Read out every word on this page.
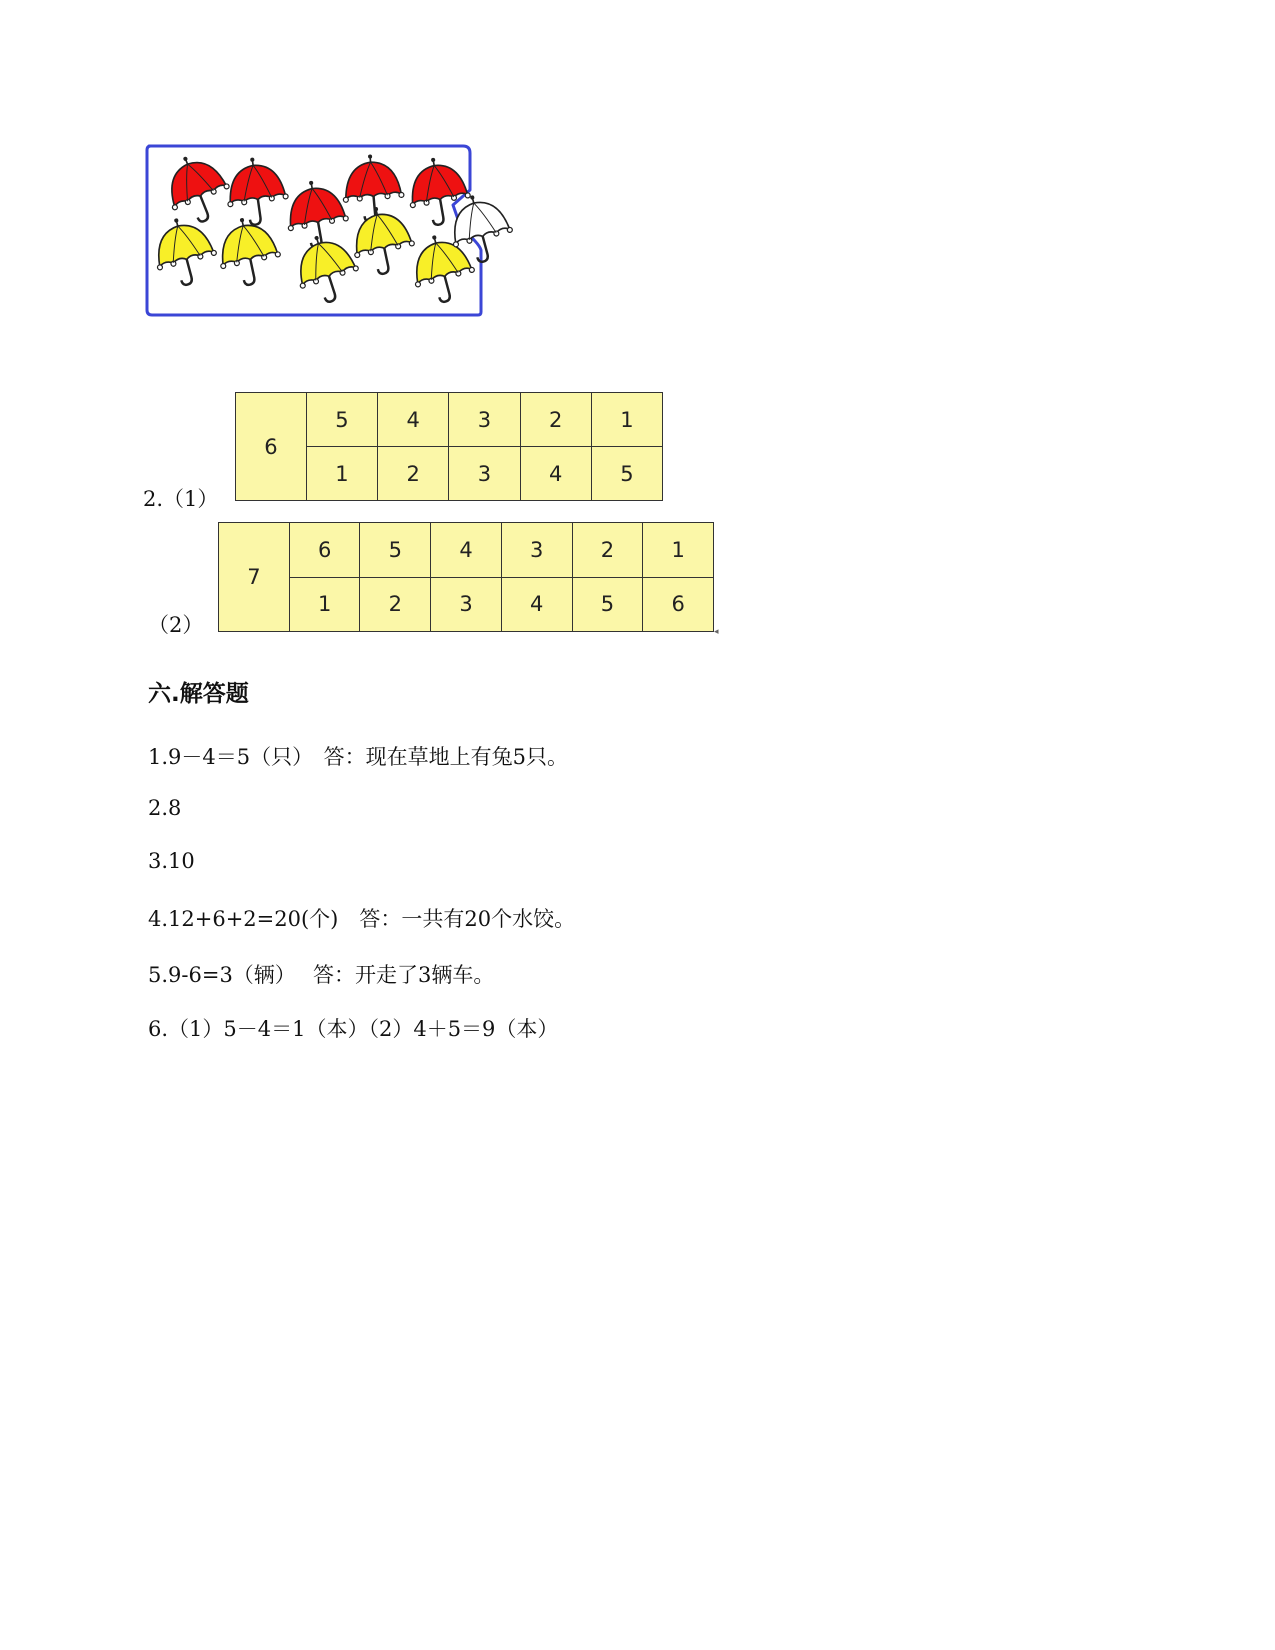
2.（1）
6	5	4	3	2	1
	1	2	3	4	5
（2）
7	6	5	4	3	2	1
	1	2	3	4	5	6
◂
六.解答题
1.9－4＝5（只）　答：现在草地上有兔5只。
2.8
3.10
4.12+6+2=20(个)　答：一共有20个水饺。
5.9-6=3（辆）　 答：开走了3辆车。
6.（1）5－4＝1（本）（2）4＋5＝9（本）
